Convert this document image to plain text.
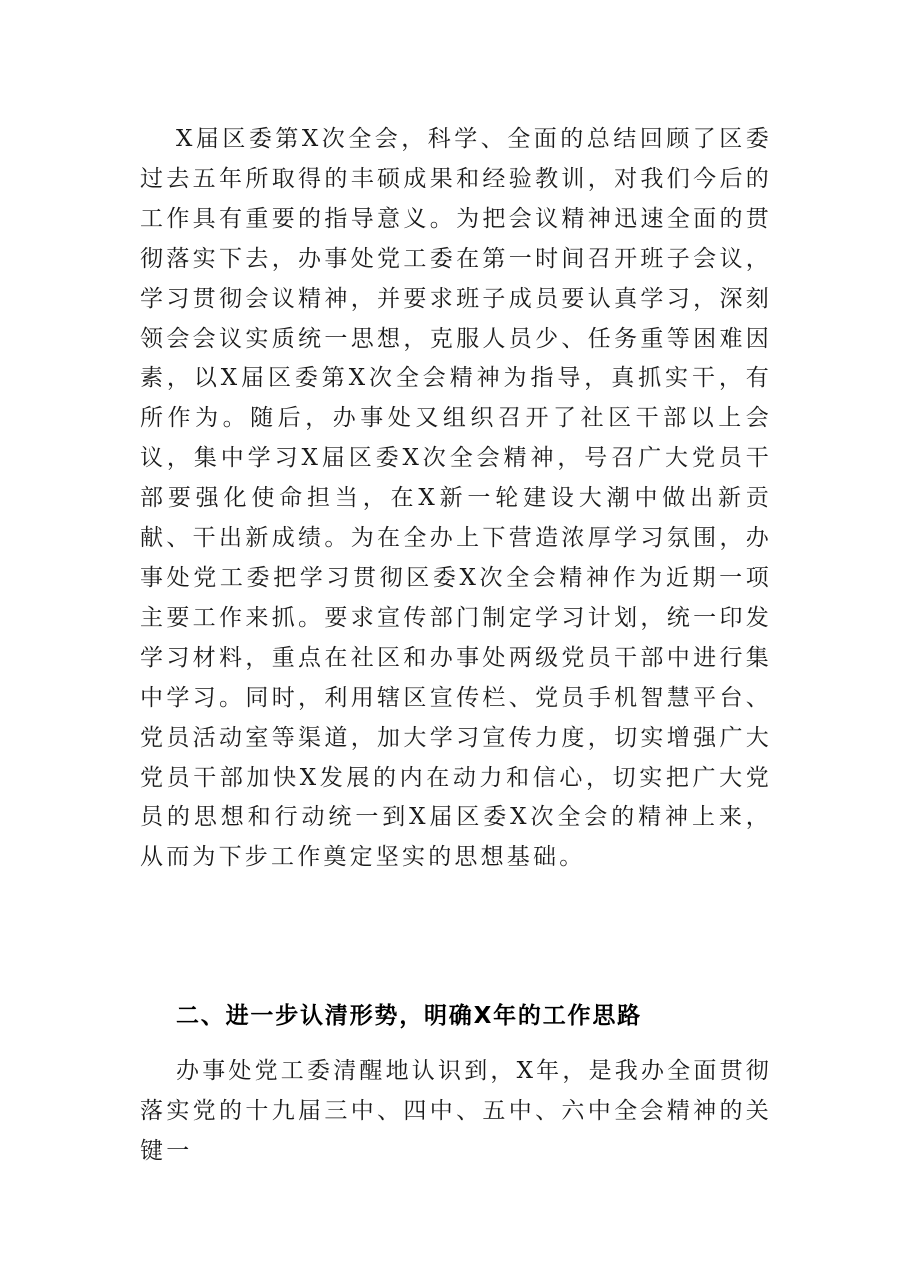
X届区委第X次全会，科学、全面的总结回顾了区委过去五年所取得的丰硕成果和经验教训，对我们今后的工作具有重要的指导意义。为把会议精神迅速全面的贯彻落实下去，办事处党工委在第一时间召开班子会议，学习贯彻会议精神，并要求班子成员要认真学习，深刻领会会议实质统一思想，克服人员少、任务重等困难因素，以X届区委第X次全会精神为指导，真抓实干，有所作为。随后，办事处又组织召开了社区干部以上会议，集中学习X届区委X次全会精神，号召广大党员干部要强化使命担当，在X新一轮建设大潮中做出新贡献、干出新成绩。为在全办上下营造浓厚学习氛围，办事处党工委把学习贯彻区委X次全会精神作为近期一项主要工作来抓。要求宣传部门制定学习计划，统一印发学习材料，重点在社区和办事处两级党员干部中进行集中学习。同时，利用辖区宣传栏、党员手机智慧平台、党员活动室等渠道，加大学习宣传力度，切实增强广大党员干部加快X发展的内在动力和信心，切实把广大党员的思想和行动统一到X届区委X次全会的精神上来，从而为下步工作奠定坚实的思想基础。

二、进一步认清形势，明确X年的工作思路

办事处党工委清醒地认识到，X年，是我办全面贯彻落实党的十九届三中、四中、五中、六中全会精神的关键一
